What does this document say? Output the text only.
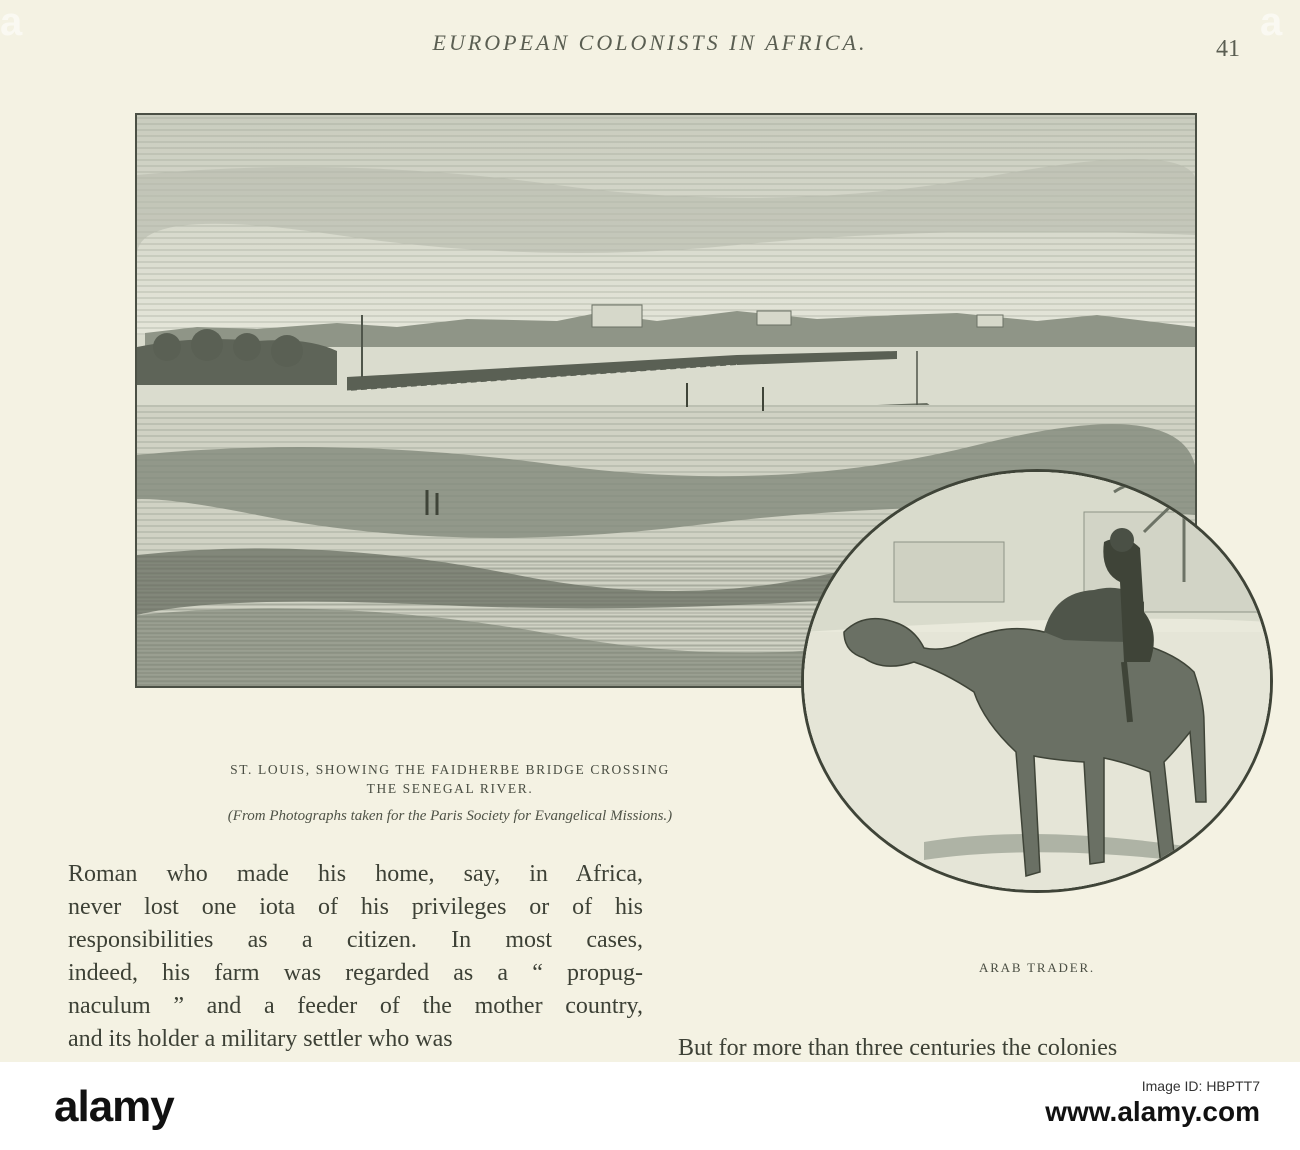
EUROPEAN COLONISTS IN AFRICA.	41
ST. LOUIS, SHOWING THE FAIDHERBE BRIDGE CROSSING
THE SENEGAL RIVER.
(From Photographs taken for the Paris Society for Evangelical Missions.)
ARAB TRADER.
Roman who made his home, say, in Africa,
never lost one iota of his privileges or of his
responsibilities as a citizen. In most cases,
indeed, his farm was regarded as a “ propug-
naculum ” and a feeder of the mother country,
and its holder a military settler who was	But for more than three centuries the colonies
a	a
alamy	Image ID: HBPTT7
www.alamy.com
